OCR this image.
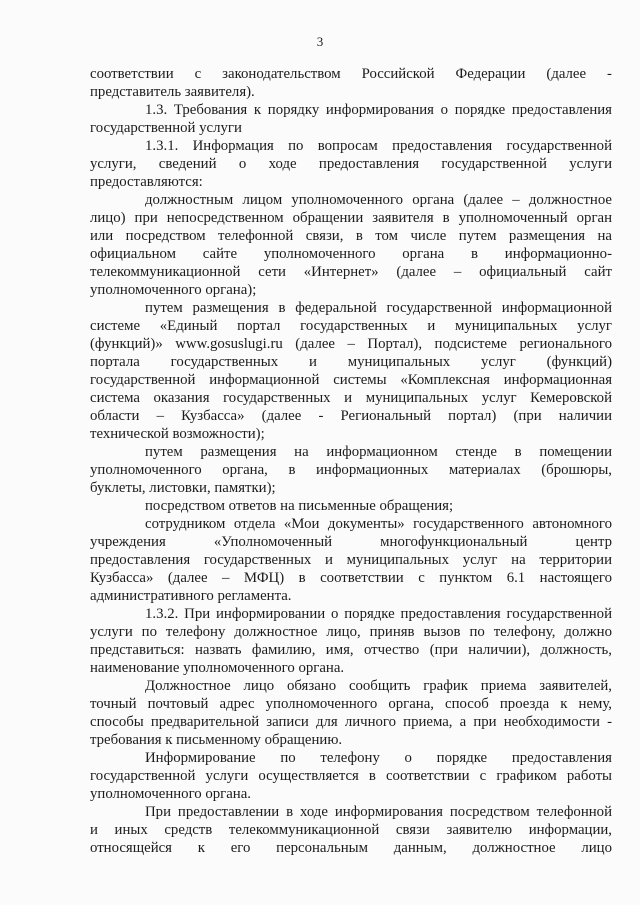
3
соответствии с законодательством Российской Федерации (далее -
представитель заявителя).
1.3. Требования к порядку информирования о порядке предоставления
государственной услуги
1.3.1. Информация по вопросам предоставления государственной
услуги, сведений о ходе предоставления государственной услуги
предоставляются:
должностным лицом уполномоченного органа (далее – должностное
лицо) при непосредственном обращении заявителя в уполномоченный орган
или посредством телефонной связи, в том числе путем размещения на
официальном сайте уполномоченного органа в информационно-
телекоммуникационной сети «Интернет» (далее – официальный сайт
уполномоченного органа);
путем размещения в федеральной государственной информационной
системе «Единый портал государственных и муниципальных услуг
(функций)» www.gosuslugi.ru (далее – Портал), подсистеме регионального
портала государственных и муниципальных услуг (функций)
государственной информационной системы «Комплексная информационная
система оказания государственных и муниципальных услуг Кемеровской
области – Кузбасса» (далее - Региональный портал) (при наличии
технической возможности);
путем размещения на информационном стенде в помещении
уполномоченного органа, в информационных материалах (брошюры,
буклеты, листовки, памятки);
посредством ответов на письменные обращения;
сотрудником отдела «Мои документы» государственного автономного
учреждения «Уполномоченный многофункциональный центр
предоставления государственных и муниципальных услуг на территории
Кузбасса» (далее – МФЦ) в соответствии с пунктом 6.1 настоящего
административного регламента.
1.3.2. При информировании о порядке предоставления государственной
услуги по телефону должностное лицо, приняв вызов по телефону, должно
представиться: назвать фамилию, имя, отчество (при наличии), должность,
наименование уполномоченного органа.
Должностное лицо обязано сообщить график приема заявителей,
точный почтовый адрес уполномоченного органа, способ проезда к нему,
способы предварительной записи для личного приема, а при необходимости -
требования к письменному обращению.
Информирование по телефону о порядке предоставления
государственной услуги осуществляется в соответствии с графиком работы
уполномоченного органа.
При предоставлении в ходе информирования посредством телефонной
и иных средств телекоммуникационной связи заявителю информации,
относящейся к его персональным данным, должностное лицо
